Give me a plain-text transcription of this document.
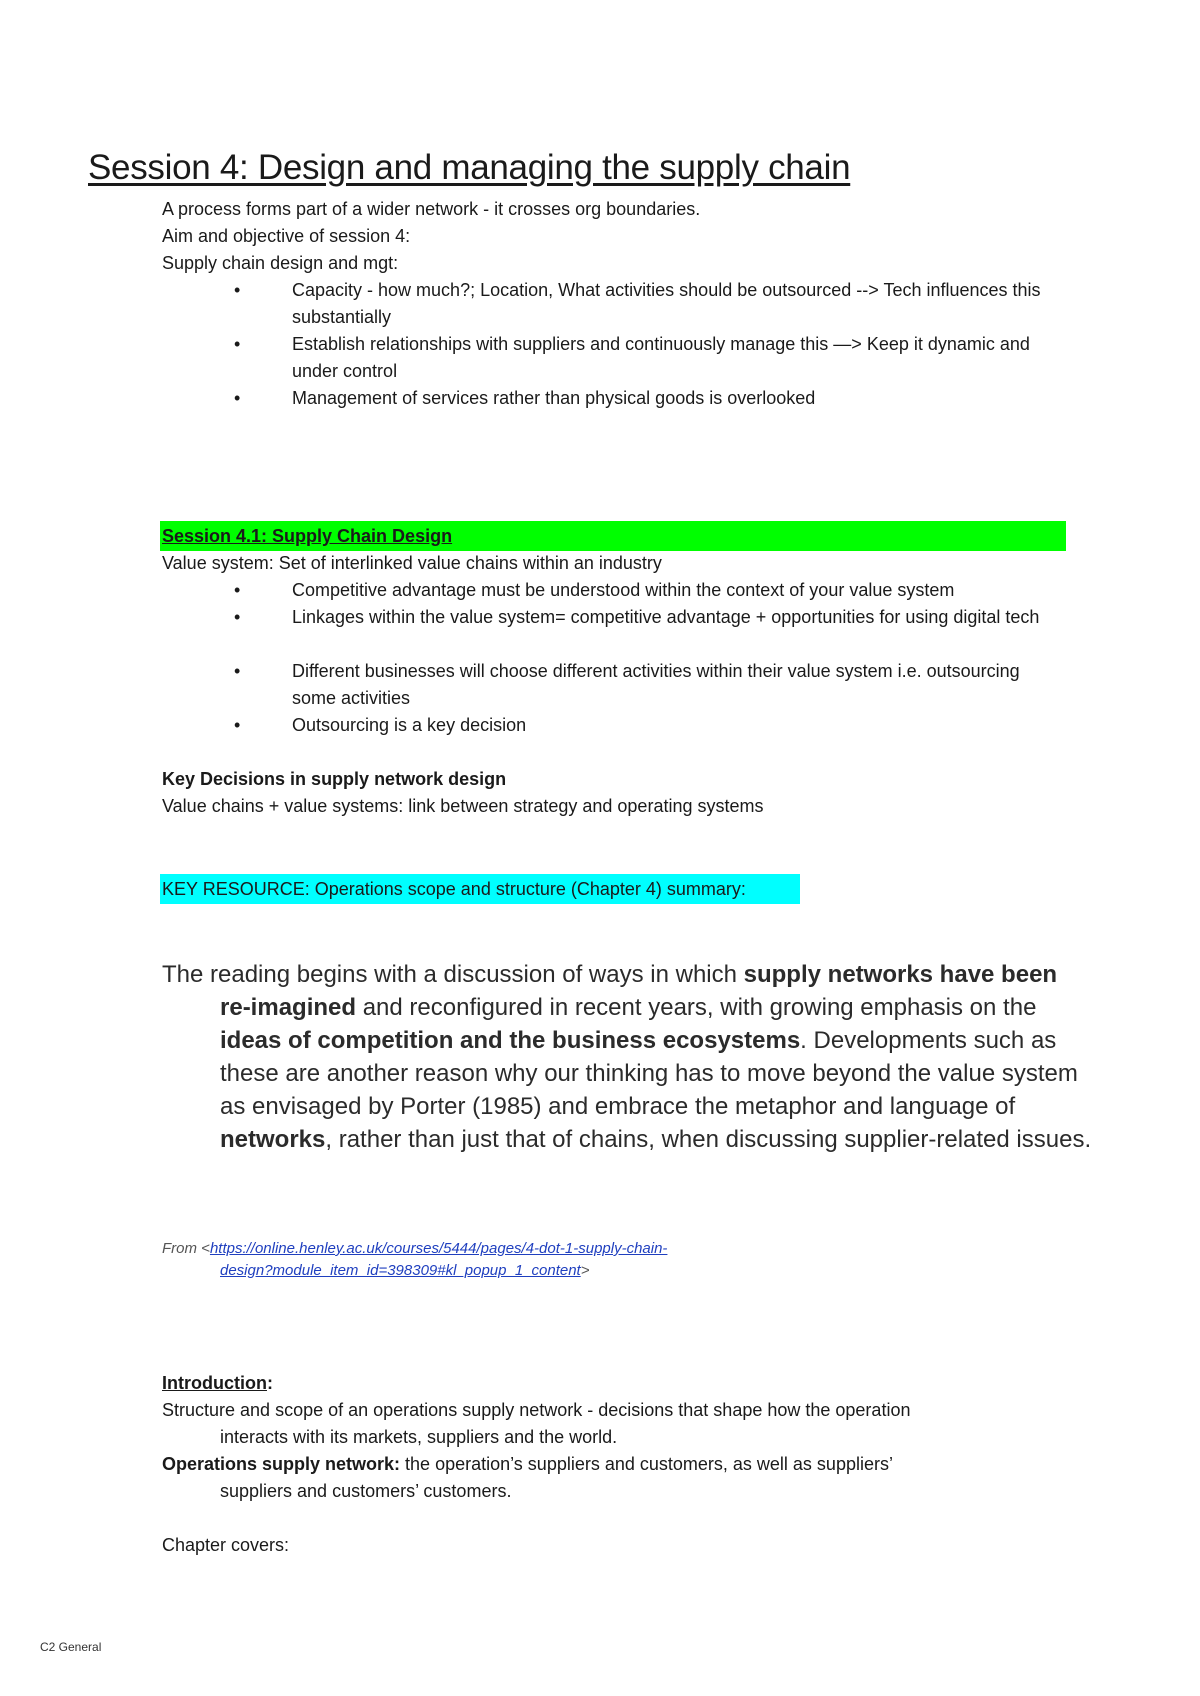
Session 4: Design and managing the supply chain
A process forms part of a wider network - it crosses org boundaries.
Aim and objective of session 4:
Supply chain design and mgt:
•	Capacity - how much?; Location, What activities should be outsourced --> Tech influences this substantially
•	Establish relationships with suppliers and continuously manage this —> Keep it dynamic and under control
•	Management of services rather than physical goods is overlooked
Session 4.1: Supply Chain Design
Value system: Set of interlinked value chains within an industry
•	Competitive advantage must be understood within the context of your value system
•	Linkages within the value system= competitive advantage + opportunities for using digital tech
•	Different businesses will choose different activities within their value system i.e. outsourcing some activities
•	Outsourcing is a key decision
Key Decisions in supply network design
Value chains + value systems: link between strategy and operating systems
KEY RESOURCE: Operations scope and structure (Chapter 4) summary:
The reading begins with a discussion of ways in which supply networks have been
re-imagined and reconfigured in recent years, with growing emphasis on the ideas of competition and the business ecosystems. Developments such as these are another reason why our thinking has to move beyond the value system as envisaged by Porter (1985) and embrace the metaphor and language of networks, rather than just that of chains, when discussing supplier-related issues.
From <https://online.henley.ac.uk/courses/5444/pages/4-dot-1-supply-chain-
design?module_item_id=398309#kl_popup_1_content>
Introduction:
Structure and scope of an operations supply network - decisions that shape how the operation
interacts with its markets, suppliers and the world.
Operations supply network: the operation’s suppliers and customers, as well as suppliers’
suppliers and customers’ customers.
Chapter covers:
C2 General
